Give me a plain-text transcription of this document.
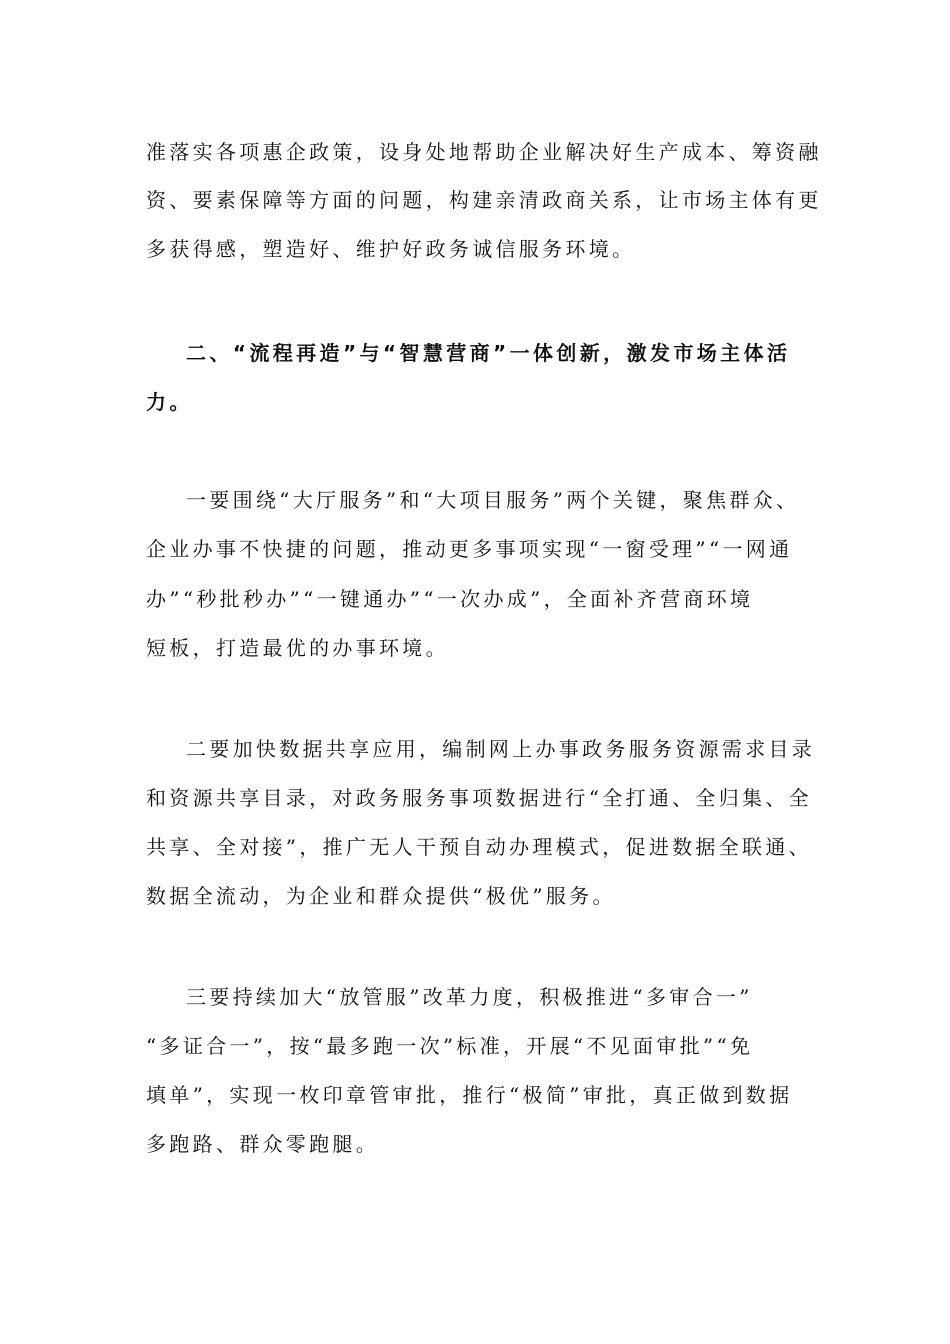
准落实各项惠企政策，设身处地帮助企业解决好生产成本、筹资融
资、要素保障等方面的问题，构建亲清政商关系，让市场主体有更
多获得感，塑造好、维护好政务诚信服务环境。
二、“流程再造”与“智慧营商”一体创新，激发市场主体活
力。
一要围绕“大厅服务”和“大项目服务”两个关键，聚焦群众、
企业办事不快捷的问题，推动更多事项实现“一窗受理”“一网通
办”“秒批秒办”“一键通办”“一次办成”，全面补齐营商环境
短板，打造最优的办事环境。
二要加快数据共享应用，编制网上办事政务服务资源需求目录
和资源共享目录，对政务服务事项数据进行“全打通、全归集、全
共享、全对接”，推广无人干预自动办理模式，促进数据全联通、
数据全流动，为企业和群众提供“极优”服务。
三要持续加大“放管服”改革力度，积极推进“多审合一”
“多证合一”，按“最多跑一次”标准，开展“不见面审批”“免
填单”，实现一枚印章管审批，推行“极简”审批，真正做到数据
多跑路、群众零跑腿。
